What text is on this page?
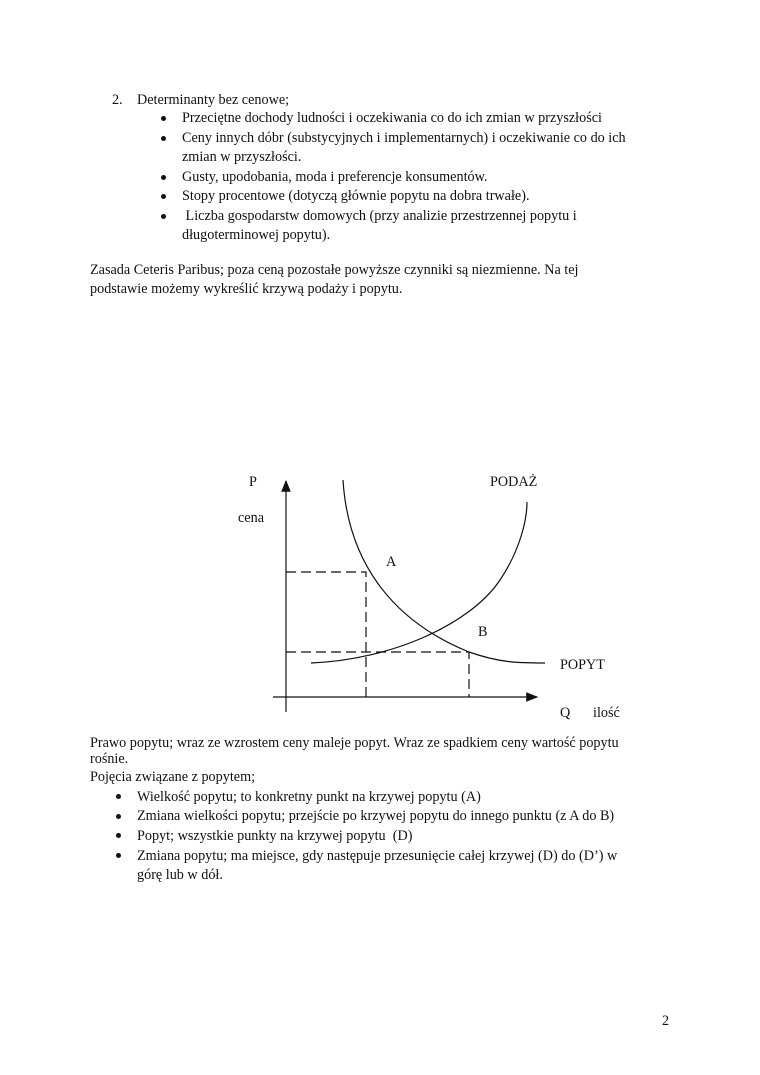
2. Determinanty bez cenowe;
Przeciętne dochody ludności i oczekiwania co do ich zmian w przyszłości
Ceny innych dóbr (substycyjnych i implementarnych) i oczekiwanie co do ich
zmian w przyszłości.
Gusty, upodobania, moda i preferencje konsumentów.
Stopy procentowe (dotyczą głównie popytu na dobra trwałe).
Liczba gospodarstw domowych (przy analizie przestrzennej popytu i
długoterminowej popytu).
Zasada Ceteris Paribus; poza ceną pozostałe powyższe czynniki są niezmienne. Na tej
podstawie możemy wykreślić krzywą podaży i popytu.
P
cena
PODAŻ
A
B
POPYT
Q ilość
Prawo popytu; wraz ze wzrostem ceny maleje popyt. Wraz ze spadkiem ceny wartość popytu
rośnie.
Pojęcia związane z popytem;
Wielkość popytu; to konkretny punkt na krzywej popytu (A)
Zmiana wielkości popytu; przejście po krzywej popytu do innego punktu (z A do B)
Popyt; wszystkie punkty na krzywej popytu  (D)
Zmiana popytu; ma miejsce, gdy następuje przesunięcie całej krzywej (D) do (D’) w
górę lub w dół.
2
